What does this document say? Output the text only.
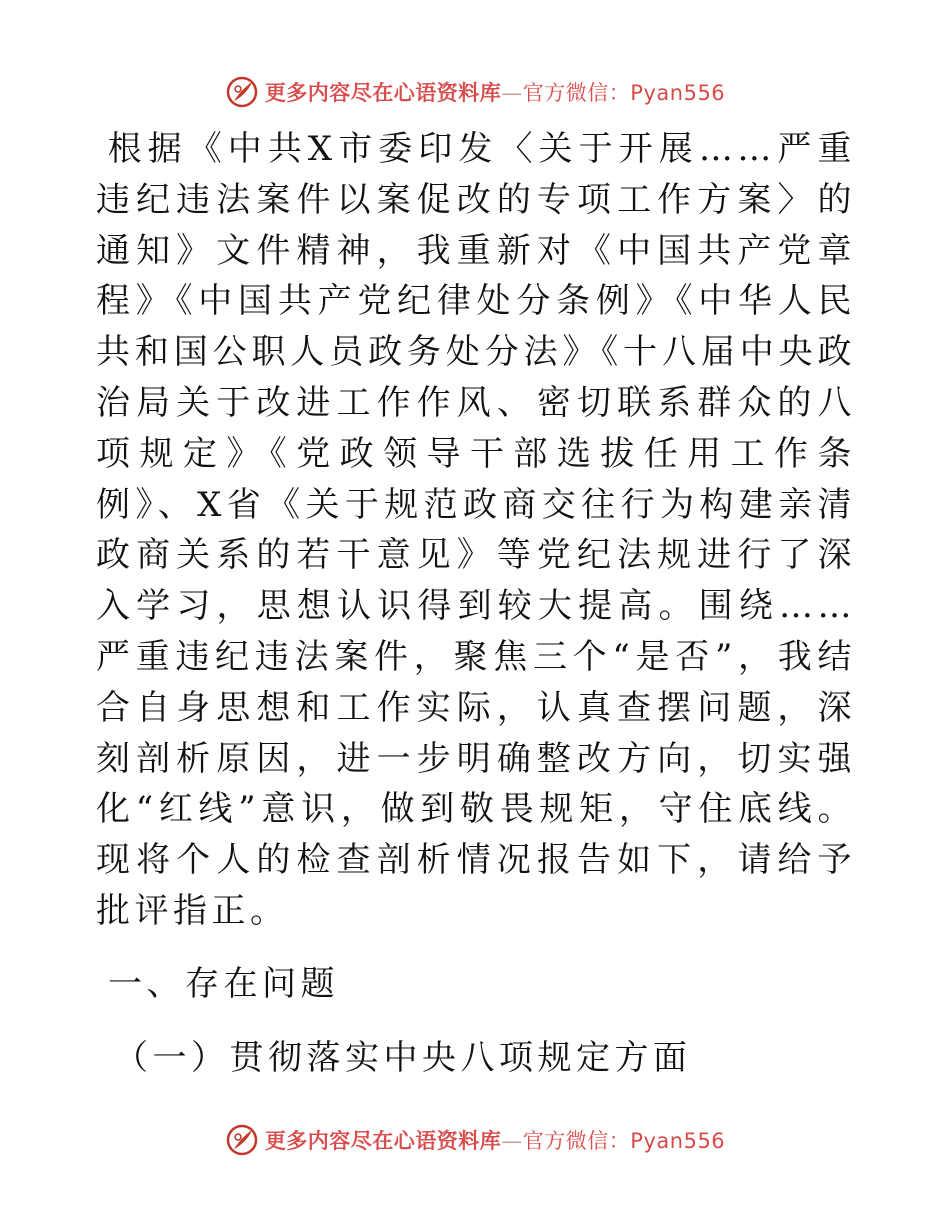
更多内容尽在心语资料库—官方微信：Pyan556
根据《中共X市委印发〈关于开展……严重违纪违法案件以案促改的专项工作方案〉的通知》文件精神，我重新对《中国共产党章程》《中国共产党纪律处分条例》《中华人民共和国公职人员政务处分法》《十八届中央政治局关于改进工作作风、密切联系群众的八项规定》《党政领导干部选拔任用工作条例》、X省《关于规范政商交往行为构建亲清政商关系的若干意见》等党纪法规进行了深入学习，思想认识得到较大提高。围绕……严重违纪违法案件，聚焦三个“是否”，我结合自身思想和工作实际，认真查摆问题，深刻剖析原因，进一步明确整改方向，切实强化“红线”意识，做到敬畏规矩，守住底线。现将个人的检查剖析情况报告如下，请给予批评指正。
一、存在问题
（一）贯彻落实中央八项规定方面
更多内容尽在心语资料库—官方微信：Pyan556
